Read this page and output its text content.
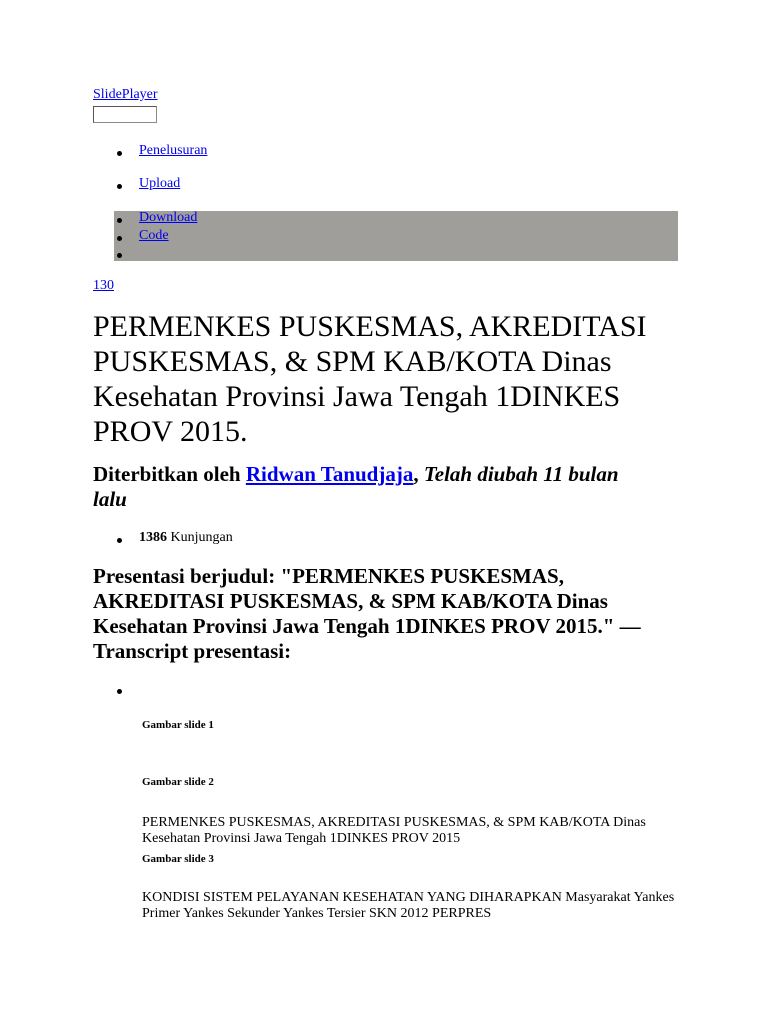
SlidePlayer
Penelusuran
Upload
Download
Code
130
PERMENKES PUSKESMAS, AKREDITASI PUSKESMAS, & SPM KAB/KOTA Dinas Kesehatan Provinsi Jawa Tengah 1DINKES PROV 2015.
Diterbitkan oleh Ridwan Tanudjaja, Telah diubah 11 bulan lalu
1386 Kunjungan
Presentasi berjudul: "PERMENKES PUSKESMAS, AKREDITASI PUSKESMAS, & SPM KAB/KOTA Dinas Kesehatan Provinsi Jawa Tengah 1DINKES PROV 2015." — Transcript presentasi:
Gambar slide 1
Gambar slide 2
PERMENKES PUSKESMAS, AKREDITASI PUSKESMAS, & SPM KAB/KOTA Dinas Kesehatan Provinsi Jawa Tengah 1DINKES PROV 2015
Gambar slide 3
KONDISI SISTEM PELAYANAN KESEHATAN YANG DIHARAPKAN Masyarakat Yankes Primer Yankes Sekunder Yankes Tersier SKN 2012 PERPRES
